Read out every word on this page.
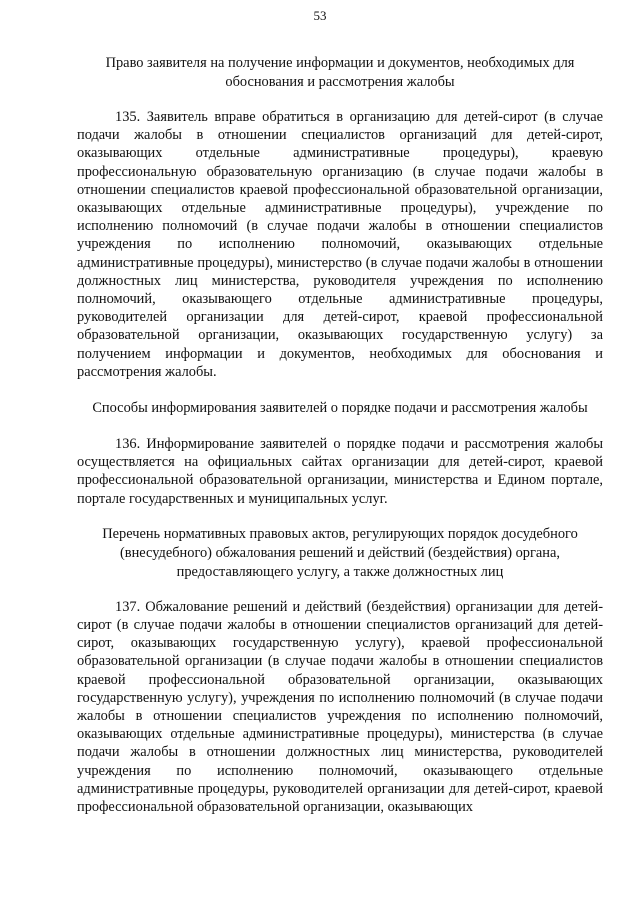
53

Право заявителя на получение информации и документов, необходимых для обоснования и рассмотрения жалобы

135. Заявитель вправе обратиться в организацию для детей-сирот (в случае подачи жалобы в отношении специалистов организаций для детей-сирот, оказывающих отдельные административные процедуры), краевую профессиональную образовательную организацию (в случае подачи жалобы в отношении специалистов краевой профессиональной образовательной организации, оказывающих отдельные административные процедуры), учреждение по исполнению полномочий (в случае подачи жалобы в отношении специалистов учреждения по исполнению полномочий, оказывающих отдельные административные процедуры), министерство (в случае подачи жалобы в отношении должностных лиц министерства, руководителя учреждения по исполнению полномочий, оказывающего отдельные административные процедуры, руководителей организации для детей-сирот, краевой профессиональной образовательной организации, оказывающих государственную услугу) за получением информации и документов, необходимых для обоснования и рассмотрения жалобы.

Способы информирования заявителей о порядке подачи и рассмотрения жалобы

136. Информирование заявителей о порядке подачи и рассмотрения жалобы осуществляется на официальных сайтах организации для детей-сирот, краевой профессиональной образовательной организации, министерства и Едином портале, портале государственных и муниципальных услуг.

Перечень нормативных правовых актов, регулирующих порядок досудебного (внесудебного) обжалования решений и действий (бездействия) органа, предоставляющего услугу, а также должностных лиц

137. Обжалование решений и действий (бездействия) организации для детей-сирот (в случае подачи жалобы в отношении специалистов организаций для детей-сирот, оказывающих государственную услугу), краевой профессиональной образовательной организации (в случае подачи жалобы в отношении специалистов краевой профессиональной образовательной организации, оказывающих государственную услугу), учреждения по исполнению полномочий (в случае подачи жалобы в отношении специалистов учреждения по исполнению полномочий, оказывающих отдельные административные процедуры), министерства (в случае подачи жалобы в отношении должностных лиц министерства, руководителей учреждения по исполнению полномочий, оказывающего отдельные административные процедуры, руководителей организации для детей-сирот, краевой профессиональной образовательной организации, оказывающих
